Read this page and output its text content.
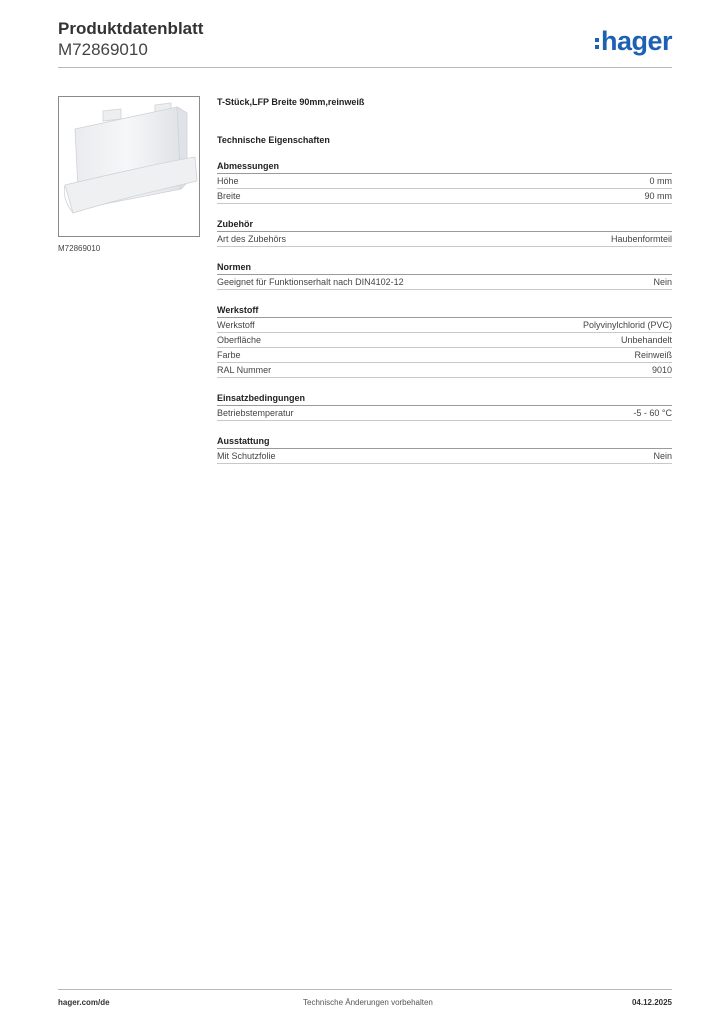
Produktdatenblatt
M72869010	hager
M72869010
T-Stück,LFP Breite 90mm,reinweiß
Technische Eigenschaften
Abmessungen
Höhe	0 mm
Breite	90 mm
Zubehör
Art des Zubehörs	Haubenformteil
Normen
Geeignet für Funktionserhalt nach DIN4102-12	Nein
Werkstoff
Werkstoff	Polyvinylchlorid (PVC)
Oberfläche	Unbehandelt
Farbe	Reinweiß
RAL Nummer	9010
Einsatzbedingungen
Betriebstemperatur	-5 - 60 °C
Ausstattung
Mit Schutzfolie	Nein
hager.com/de	Technische Änderungen vorbehalten	04.12.2025
